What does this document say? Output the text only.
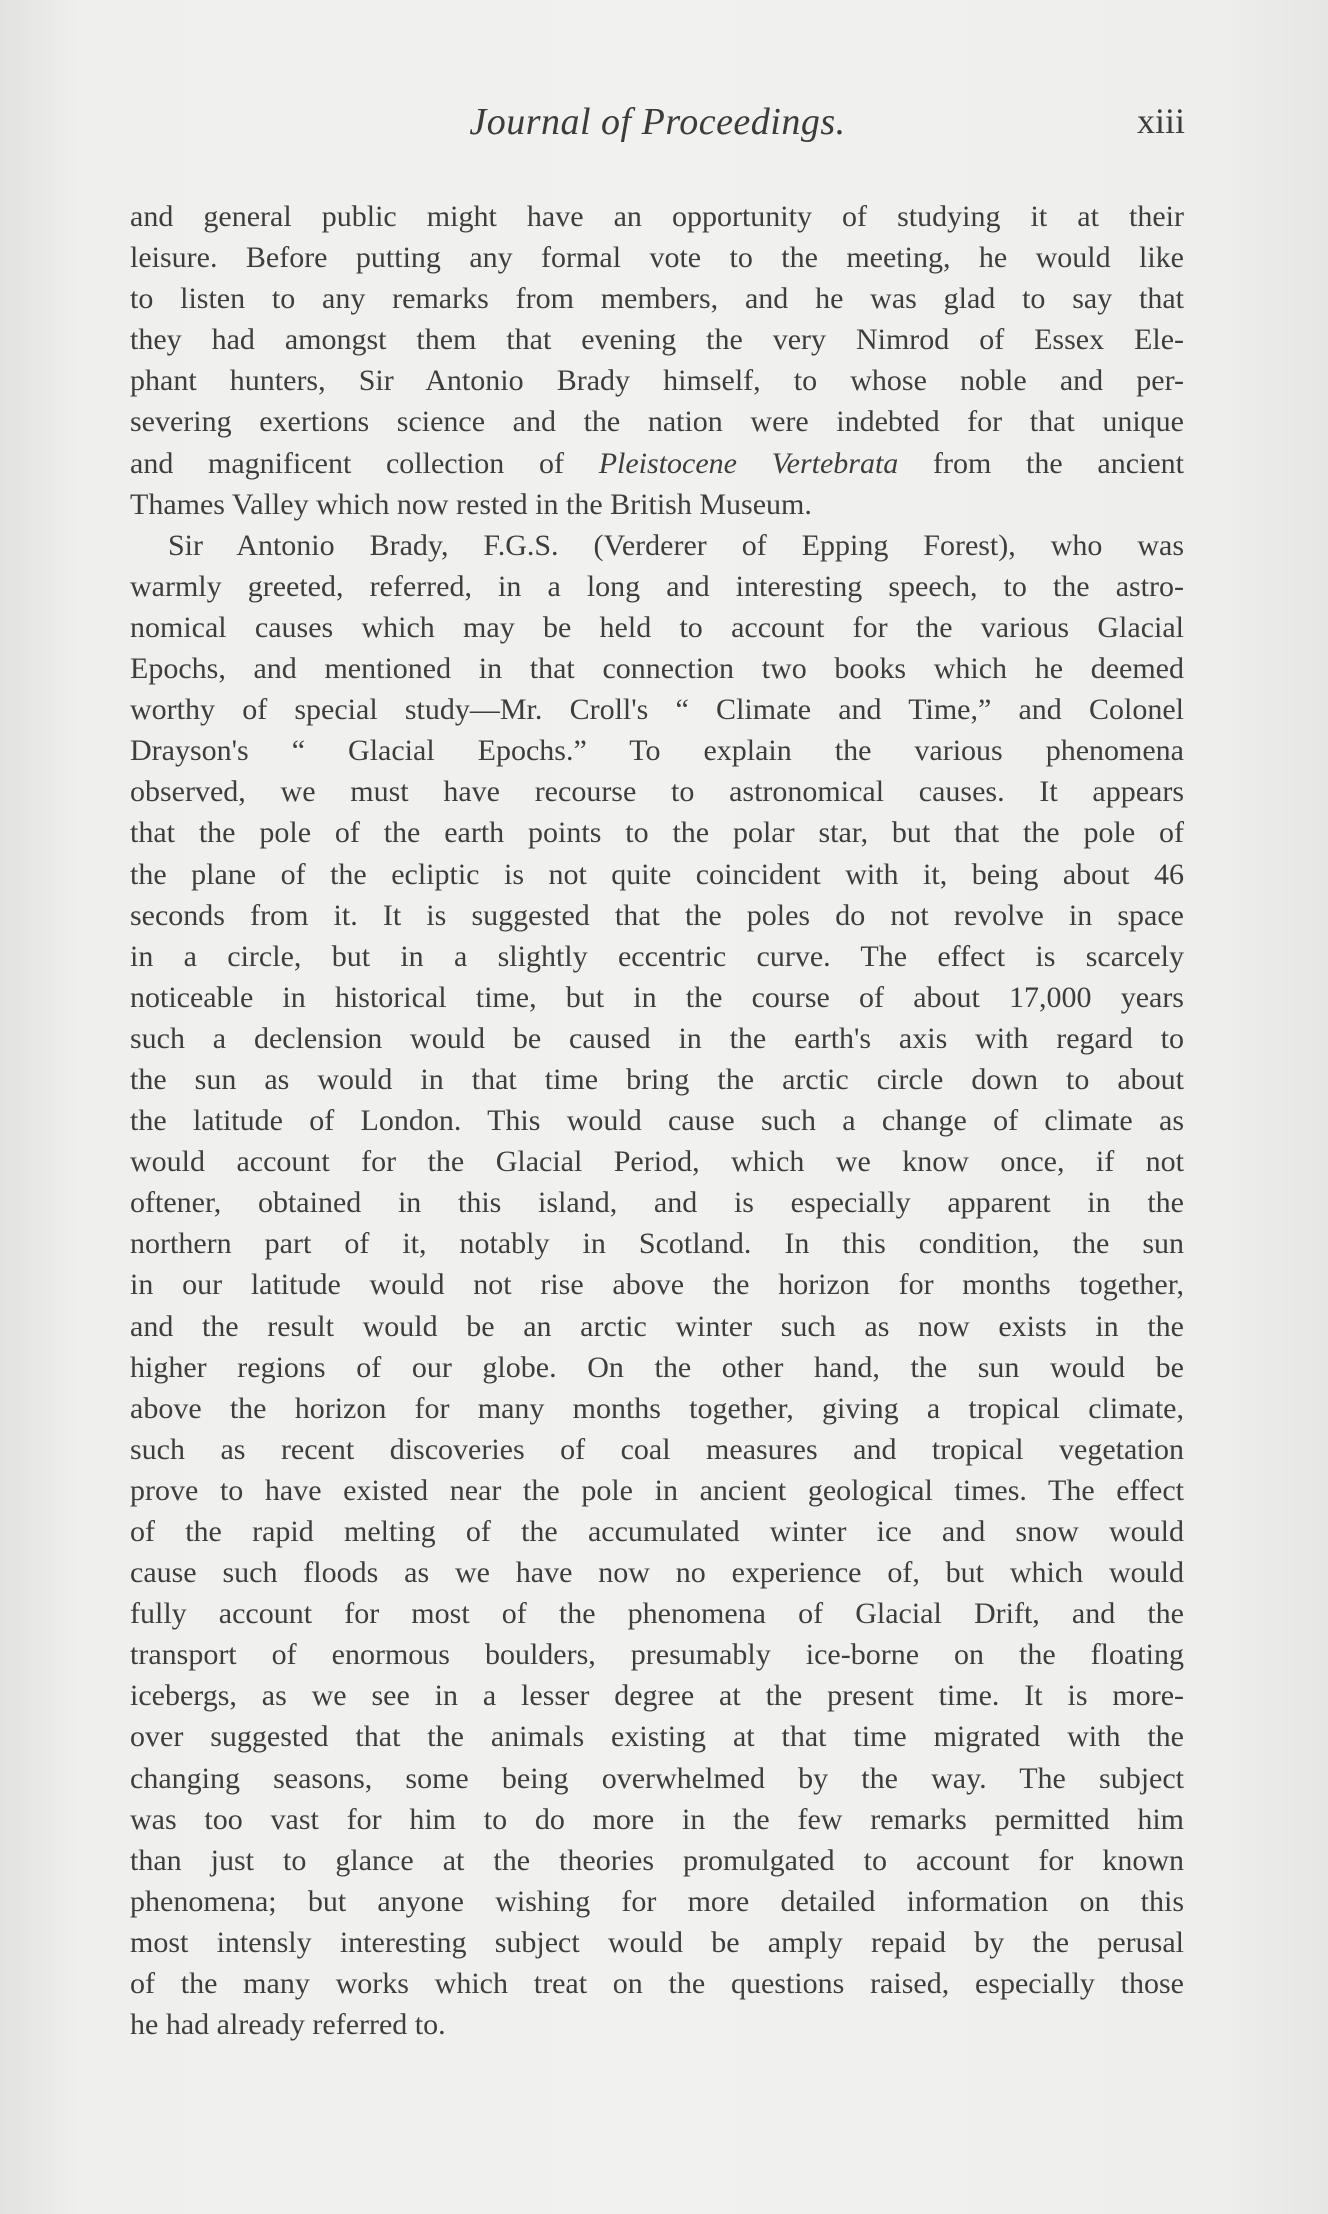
Journal of Proceedings.	xiii
and general public might have an opportunity of studying it at their
leisure. Before putting any formal vote to the meeting, he would like
to listen to any remarks from members, and he was glad to say that
they had amongst them that evening the very Nimrod of Essex Ele-
phant hunters, Sir Antonio Brady himself, to whose noble and per-
severing exertions science and the nation were indebted for that unique
and magnificent collection of Pleistocene Vertebrata from the ancient
Thames Valley which now rested in the British Museum.
Sir Antonio Brady, F.G.S. (Verderer of Epping Forest), who was
warmly greeted, referred, in a long and interesting speech, to the astro-
nomical causes which may be held to account for the various Glacial
Epochs, and mentioned in that connection two books which he deemed
worthy of special study—Mr. Croll's “ Climate and Time,” and Colonel
Drayson's “ Glacial Epochs.” To explain the various phenomena
observed, we must have recourse to astronomical causes. It appears
that the pole of the earth points to the polar star, but that the pole of
the plane of the ecliptic is not quite coincident with it, being about 46
seconds from it. It is suggested that the poles do not revolve in space
in a circle, but in a slightly eccentric curve. The effect is scarcely
noticeable in historical time, but in the course of about 17,000 years
such a declension would be caused in the earth's axis with regard to
the sun as would in that time bring the arctic circle down to about
the latitude of London. This would cause such a change of climate as
would account for the Glacial Period, which we know once, if not
oftener, obtained in this island, and is especially apparent in the
northern part of it, notably in Scotland. In this condition, the sun
in our latitude would not rise above the horizon for months together,
and the result would be an arctic winter such as now exists in the
higher regions of our globe. On the other hand, the sun would be
above the horizon for many months together, giving a tropical climate,
such as recent discoveries of coal measures and tropical vegetation
prove to have existed near the pole in ancient geological times. The effect
of the rapid melting of the accumulated winter ice and snow would
cause such floods as we have now no experience of, but which would
fully account for most of the phenomena of Glacial Drift, and the
transport of enormous boulders, presumably ice-borne on the floating
icebergs, as we see in a lesser degree at the present time. It is more-
over suggested that the animals existing at that time migrated with the
changing seasons, some being overwhelmed by the way. The subject
was too vast for him to do more in the few remarks permitted him
than just to glance at the theories promulgated to account for known
phenomena; but anyone wishing for more detailed information on this
most intensly interesting subject would be amply repaid by the perusal
of the many works which treat on the questions raised, especially those
he had already referred to.
